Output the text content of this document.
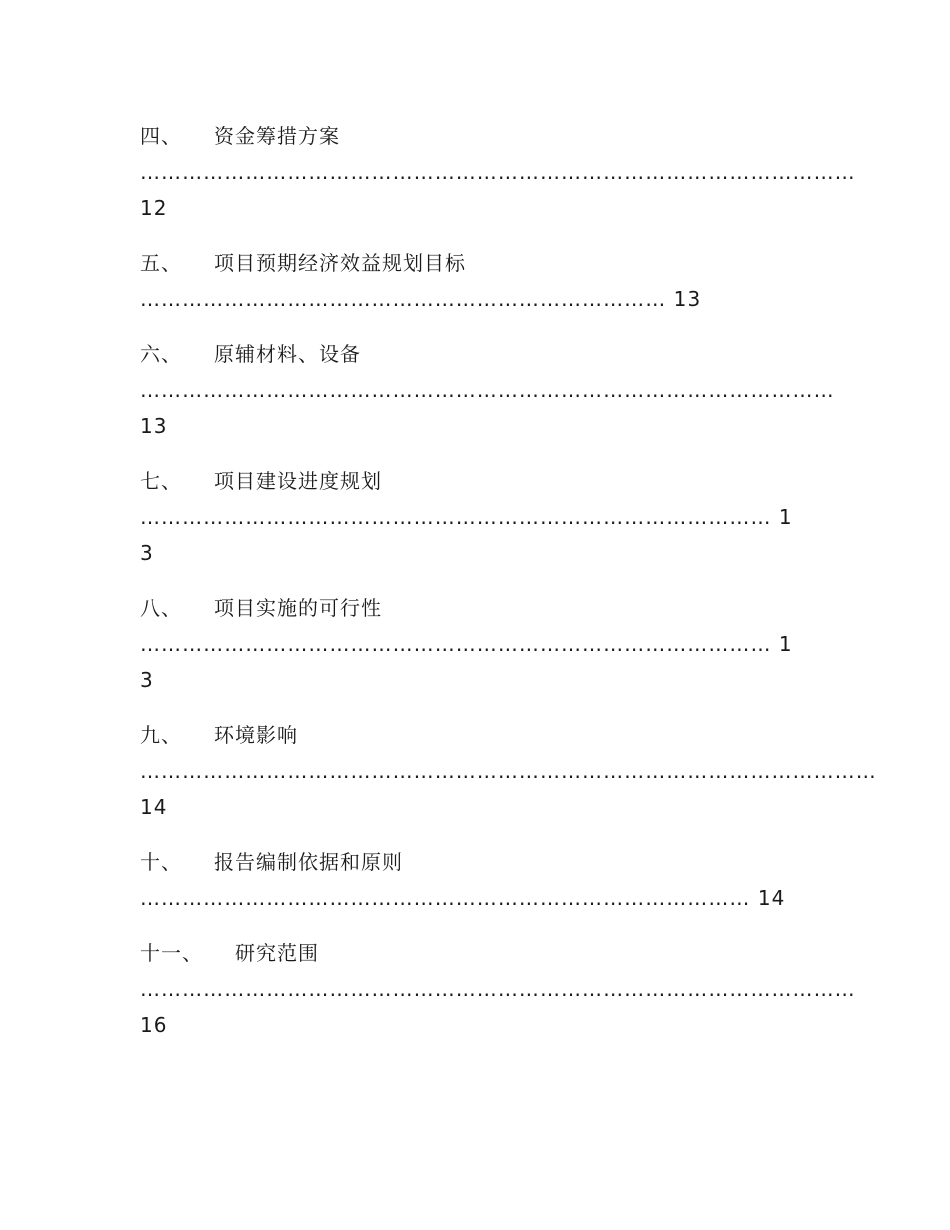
四、 资金筹措方案
………………………………………………………………………………………… 12
五、 项目预期经济效益规划目标
………………………………………………………………… 13
六、 原辅材料、设备
……………………………………………………………………………………… 13
七、 项目建设进度规划
……………………………………………………………………………… 13
八、 项目实施的可行性
……………………………………………………………………………… 13
九、 环境影响
…………………………………………………………………………………………… 14
十、 报告编制依据和原则
…………………………………………………………………………… 14
十一、 研究范围
………………………………………………………………………………………… 16
